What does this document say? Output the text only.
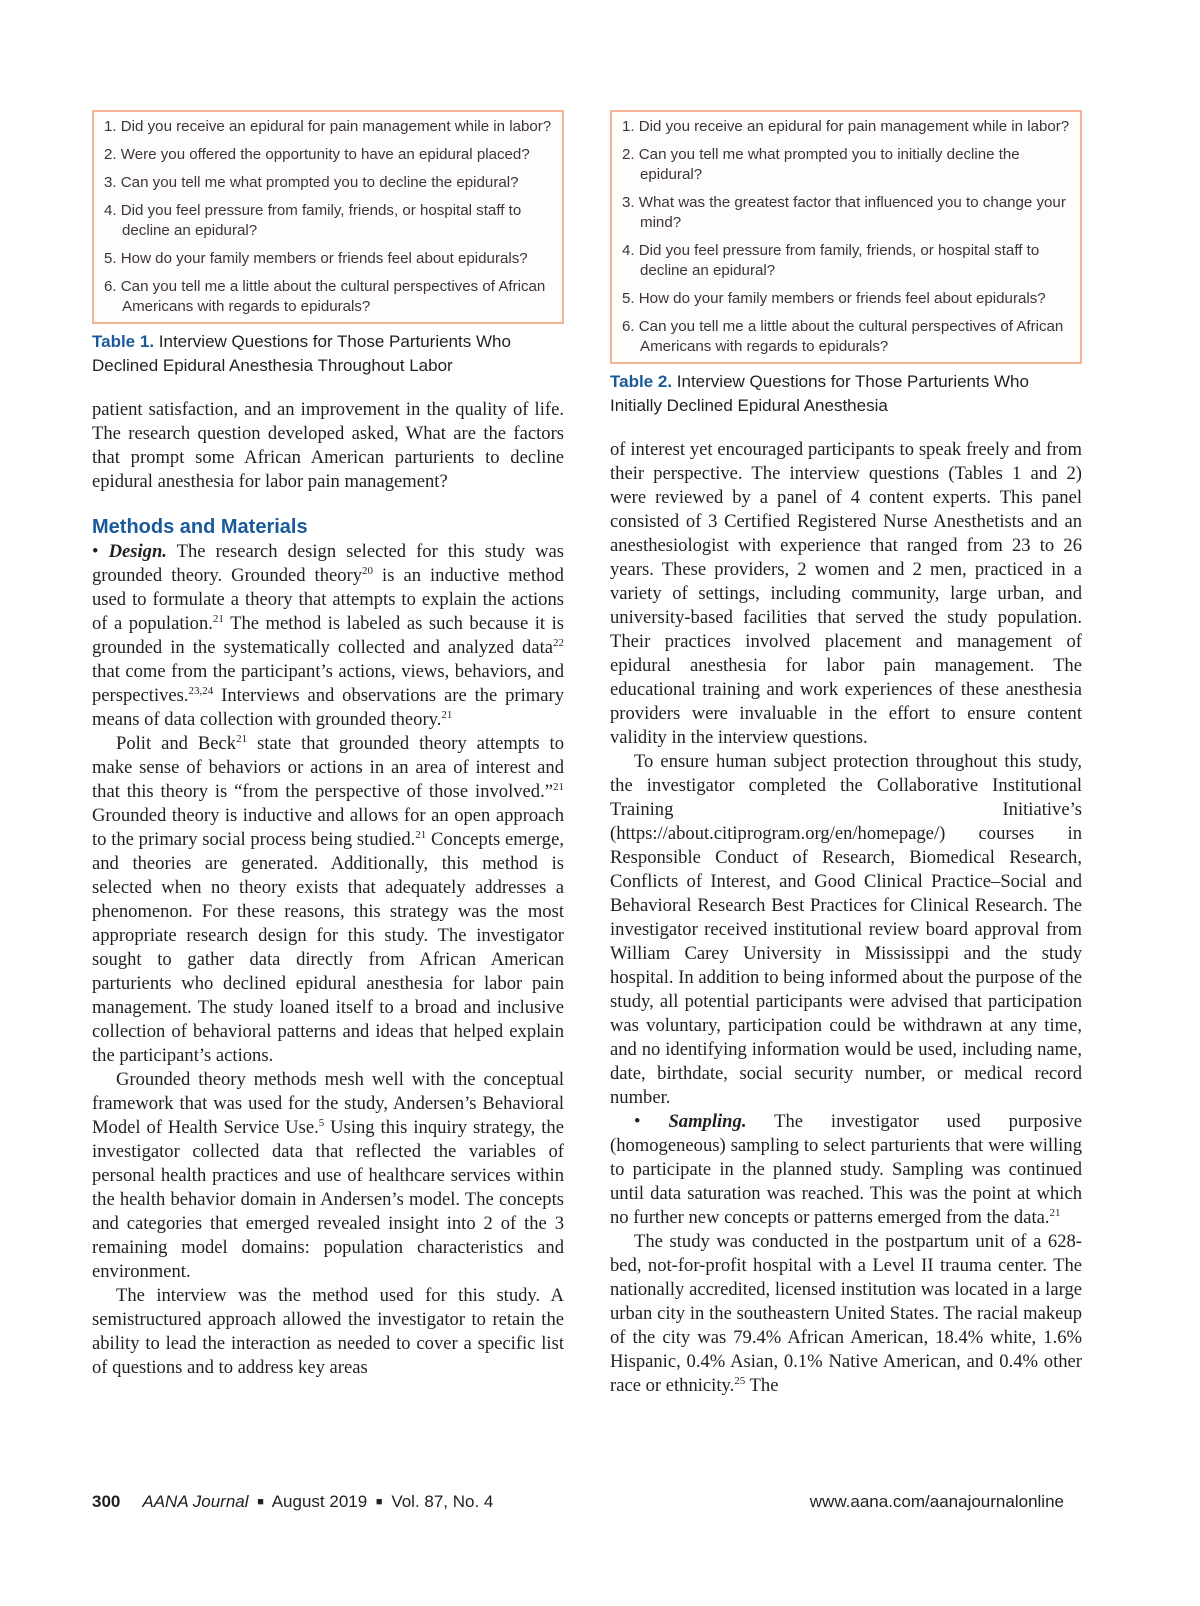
1. Did you receive an epidural for pain management while in labor?
2. Were you offered the opportunity to have an epidural placed?
3. Can you tell me what prompted you to decline the epidural?
4. Did you feel pressure from family, friends, or hospital staff to decline an epidural?
5. How do your family members or friends feel about epidurals?
6. Can you tell me a little about the cultural perspectives of African Americans with regards to epidurals?
Table 1. Interview Questions for Those Parturients Who Declined Epidural Anesthesia Throughout Labor

patient satisfaction, and an improvement in the quality of life. The research question developed asked, What are the factors that prompt some African American parturients to decline epidural anesthesia for labor pain management?

Methods and Materials

• Design. The research design selected for this study was grounded theory. Grounded theory$^{20}$ is an inductive method used to formulate a theory that attempts to explain the actions of a population.$^{21}$ The method is labeled as such because it is grounded in the systematically collected and analyzed data$^{22}$ that come from the participant’s actions, views, behaviors, and perspectives.$^{23,24}$ Interviews and observations are the primary means of data collection with grounded theory.$^{21}$

Polit and Beck$^{21}$ state that grounded theory attempts to make sense of behaviors or actions in an area of interest and that this theory is “from the perspective of those involved.”$^{21}$ Grounded theory is inductive and allows for an open approach to the primary social process being studied.$^{21}$ Concepts emerge, and theories are generated. Additionally, this method is selected when no theory exists that adequately addresses a phenomenon. For these reasons, this strategy was the most appropriate research design for this study. The investigator sought to gather data directly from African American parturients who declined epidural anesthesia for labor pain management. The study loaned itself to a broad and inclusive collection of behavioral patterns and ideas that helped explain the participant’s actions.

Grounded theory methods mesh well with the conceptual framework that was used for the study, Andersen’s Behavioral Model of Health Service Use.$^5$ Using this inquiry strategy, the investigator collected data that reflected the variables of personal health practices and use of healthcare services within the health behavior domain in Andersen’s model. The concepts and categories that emerged revealed insight into 2 of the 3 remaining model domains: population characteristics and environment.

The interview was the method used for this study. A semistructured approach allowed the investigator to retain the ability to lead the interaction as needed to cover a specific list of questions and to address key areas

1. Did you receive an epidural for pain management while in labor?
2. Can you tell me what prompted you to initially decline the epidural?
3. What was the greatest factor that influenced you to change your mind?
4. Did you feel pressure from family, friends, or hospital staff to decline an epidural?
5. How do your family members or friends feel about epidurals?
6. Can you tell me a little about the cultural perspectives of African Americans with regards to epidurals?
Table 2. Interview Questions for Those Parturients Who Initially Declined Epidural Anesthesia

of interest yet encouraged participants to speak freely and from their perspective. The interview questions (Tables 1 and 2) were reviewed by a panel of 4 content experts. This panel consisted of 3 Certified Registered Nurse Anesthetists and an anesthesiologist with experience that ranged from 23 to 26 years. These providers, 2 women and 2 men, practiced in a variety of settings, including community, large urban, and university-based facilities that served the study population. Their practices involved placement and management of epidural anesthesia for labor pain management. The educational training and work experiences of these anesthesia providers were invaluable in the effort to ensure content validity in the interview questions.

To ensure human subject protection throughout this study, the investigator completed the Collaborative Institutional Training Initiative’s (https://about.citiprogram.org/en/homepage/) courses in Responsible Conduct of Research, Biomedical Research, Conflicts of Interest, and Good Clinical Practice–Social and Behavioral Research Best Practices for Clinical Research. The investigator received institutional review board approval from William Carey University in Mississippi and the study hospital. In addition to being informed about the purpose of the study, all potential participants were advised that participation was voluntary, participation could be withdrawn at any time, and no identifying information would be used, including name, date, birthdate, social security number, or medical record number.

• Sampling. The investigator used purposive (homogeneous) sampling to select parturients that were willing to participate in the planned study. Sampling was continued until data saturation was reached. This was the point at which no further new concepts or patterns emerged from the data.$^{21}$

The study was conducted in the postpartum unit of a 628-bed, not-for-profit hospital with a Level II trauma center. The nationally accredited, licensed institution was located in a large urban city in the southeastern United States. The racial makeup of the city was 79.4% African American, 18.4% white, 1.6% Hispanic, 0.4% Asian, 0.1% Native American, and 0.4% other race or ethnicity.$^{25}$ The

300 AANA Journal ■ August 2019 ■ Vol. 87, No. 4	www.aana.com/aanajournalonline
